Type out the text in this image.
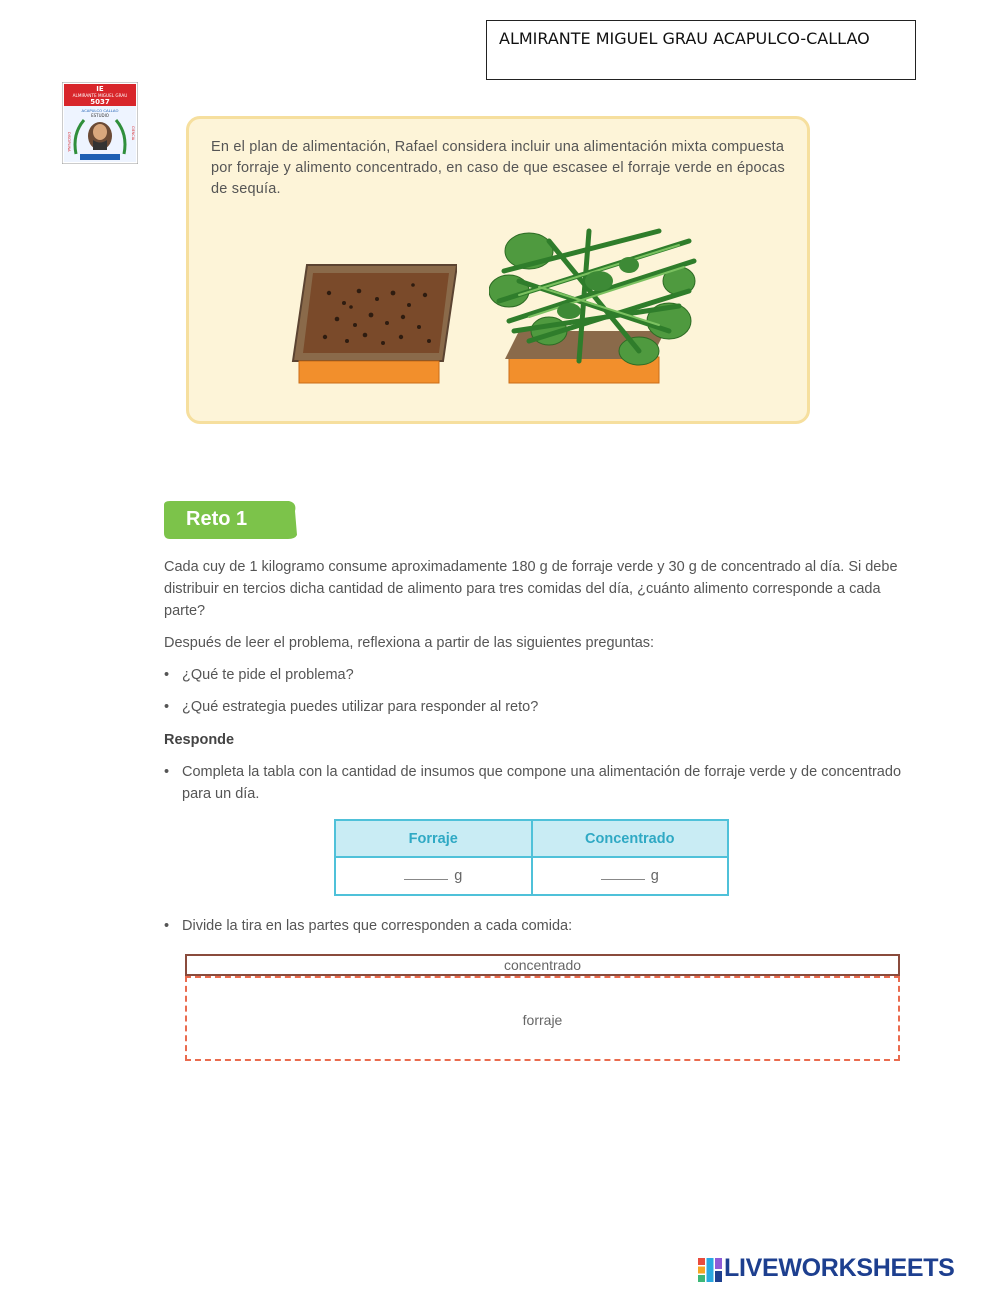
ALMIRANTE MIGUEL GRAU ACAPULCO-CALLAO
IE
ALMIRANTE MIGUEL GRAU
5037
ACAPULCO CALLAO
ESTUDIO
DISCIPLINA	CIENCIA
En el plan de alimentación, Rafael considera incluir una alimentación mixta compuesta por forraje y alimento concentrado, en caso de que escasee el forraje verde en épocas de sequía.
Reto 1
Cada cuy de 1 kilogramo consume aproximadamente 180 g de forraje verde y 30 g de concentrado al día. Si debe distribuir en tercios dicha cantidad de alimento para tres comidas del día, ¿cuánto alimento corresponde a cada parte?
Después de leer el problema, reflexiona a partir de las siguientes preguntas:
• ¿Qué te pide el problema?
• ¿Qué estrategia puedes utilizar para responder al reto?
Responde
• Completa la tabla con la cantidad de insumos que compone una alimentación de forraje verde y de concentrado para un día.
Forraje	Concentrado
g	g
• Divide la tira en las partes que corresponden a cada comida:
concentrado
forraje
LIVEWORKSHEETS
